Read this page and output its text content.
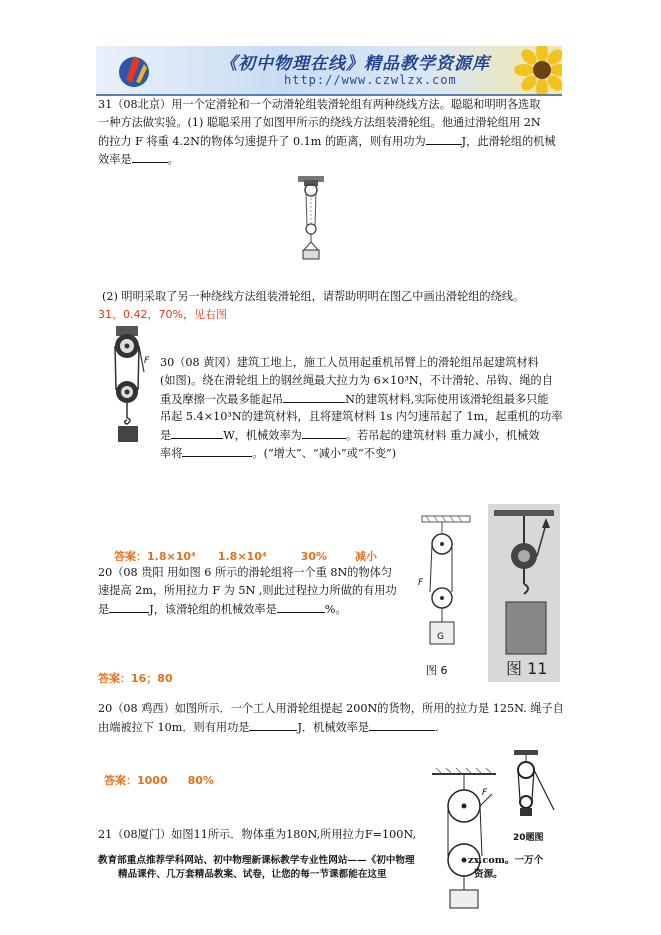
《初中物理在线》精品教学资源库
http://www.czwlzx.com
31（08北京）用一个定滑轮和一个动滑轮组装滑轮组有两种绕线方法。聪聪和明明各选取
一种方法做实验。(1) 聪聪采用了如图甲所示的绕线方法组装滑轮组。他通过滑轮组用 2N
的拉力 F 将重 4.2N的物体匀速提升了 0.1m 的距离，则有用功为	J，此滑轮组的机械
效率是	。
(2) 明明采取了另一种绕线方法组装滑轮组，请帮助明明在图乙中画出滑轮组的绕线。
31、0.42，70%，见右图
F 30（08 黄冈）建筑工地上，施工人员用起重机吊臂上的滑轮组吊起建筑材料
(如图)。绕在滑轮组上的钢丝绳最大拉力为 6×10³N，不计滑轮、吊钩、绳的自
重及摩擦一次最多能起吊	N的建筑材料,实际使用该滑轮组最多只能
吊起 5.4×10³N的建筑材料，且将建筑材料 1s 内匀速吊起了 1m，起重机的功率
是	W，机械效率为	。若吊起的建筑材料 重力减小，机械效
率将	。(“增大”、“减小”或“不变”)
F
G
图 6	图 11
答案：1.8×10⁴ 1.8×10⁴	30%	减小
20（08 贵阳 用如图 6 所示的滑轮组将一个重 8N的物体匀
速提高 2m，所用拉力 F 为 5N ,则此过程拉力所做的有用功
是	J，该滑轮组的机械效率是	%。
答案：16；80
20（08 鸡西）如图所示．一个工人用滑轮组提起 200N的货物，所用的拉力是 125N. 绳子自
由端被拉下 10m．则有用功是	J．机械效率是	.
20题图
F
答案：1000 80%
21（08厦门）如图11所示．物体重为180N,所用拉力F=100N,
教育部重点推荐学科网站、初中物理新课标教学专业性网站——《初中物理	zx.com。一万个
精品课件、几万套精品教案、试卷，让您的每一节课都能在这里	资源。
